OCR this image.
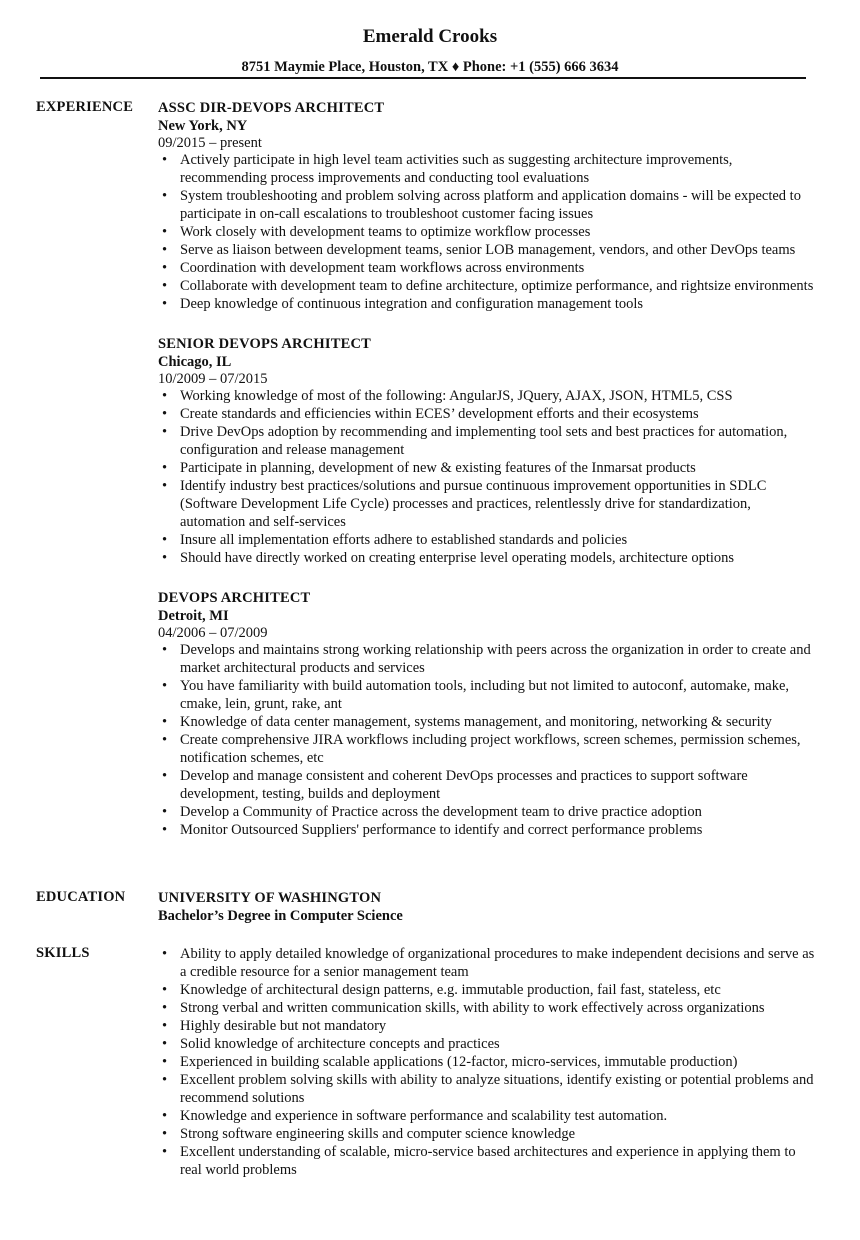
Emerald Crooks
8751 Maymie Place, Houston, TX ♦ Phone: +1 (555) 666 3634
EXPERIENCE ASSC DIR-DEVOPS ARCHITECT
New York, NY
09/2015 – present
• Actively participate in high level team activities such as suggesting architecture improvements, recommending process improvements and conducting tool evaluations
• System troubleshooting and problem solving across platform and application domains - will be expected to participate in on-call escalations to troubleshoot customer facing issues
• Work closely with development teams to optimize workflow processes
• Serve as liaison between development teams, senior LOB management, vendors, and other DevOps teams
• Coordination with development team workflows across environments
• Collaborate with development team to define architecture, optimize performance, and rightsize environments
• Deep knowledge of continuous integration and configuration management tools
SENIOR DEVOPS ARCHITECT
Chicago, IL
10/2009 – 07/2015
• Working knowledge of most of the following: AngularJS, JQuery, AJAX, JSON, HTML5, CSS
• Create standards and efficiencies within ECES’ development efforts and their ecosystems
• Drive DevOps adoption by recommending and implementing tool sets and best practices for automation, configuration and release management
• Participate in planning, development of new & existing features of the Inmarsat products
• Identify industry best practices/solutions and pursue continuous improvement opportunities in SDLC (Software Development Life Cycle) processes and practices, relentlessly drive for standardization, automation and self-services
• Insure all implementation efforts adhere to established standards and policies
• Should have directly worked on creating enterprise level operating models, architecture options
DEVOPS ARCHITECT
Detroit, MI
04/2006 – 07/2009
• Develops and maintains strong working relationship with peers across the organization in order to create and market architectural products and services
• You have familiarity with build automation tools, including but not limited to autoconf, automake, make, cmake, lein, grunt, rake, ant
• Knowledge of data center management, systems management, and monitoring, networking & security
• Create comprehensive JIRA workflows including project workflows, screen schemes, permission schemes, notification schemes, etc
• Develop and manage consistent and coherent DevOps processes and practices to support software development, testing, builds and deployment
• Develop a Community of Practice across the development team to drive practice adoption
• Monitor Outsourced Suppliers' performance to identify and correct performance problems
EDUCATION UNIVERSITY OF WASHINGTON
Bachelor’s Degree in Computer Science
SKILLS
•	Ability to apply detailed knowledge of organizational procedures to make independent decisions and serve as a credible resource for a senior management team
• Knowledge of architectural design patterns, e.g. immutable production, fail fast, stateless, etc
• Strong verbal and written communication skills, with ability to work effectively across organizations
• Highly desirable but not mandatory
• Solid knowledge of architecture concepts and practices
• Experienced in building scalable applications (12-factor, micro-services, immutable production)
• Excellent problem solving skills with ability to analyze situations, identify existing or potential problems and recommend solutions
• Knowledge and experience in software performance and scalability test automation.
• Strong software engineering skills and computer science knowledge
• Excellent understanding of scalable, micro-service based architectures and experience in applying them to real world problems
